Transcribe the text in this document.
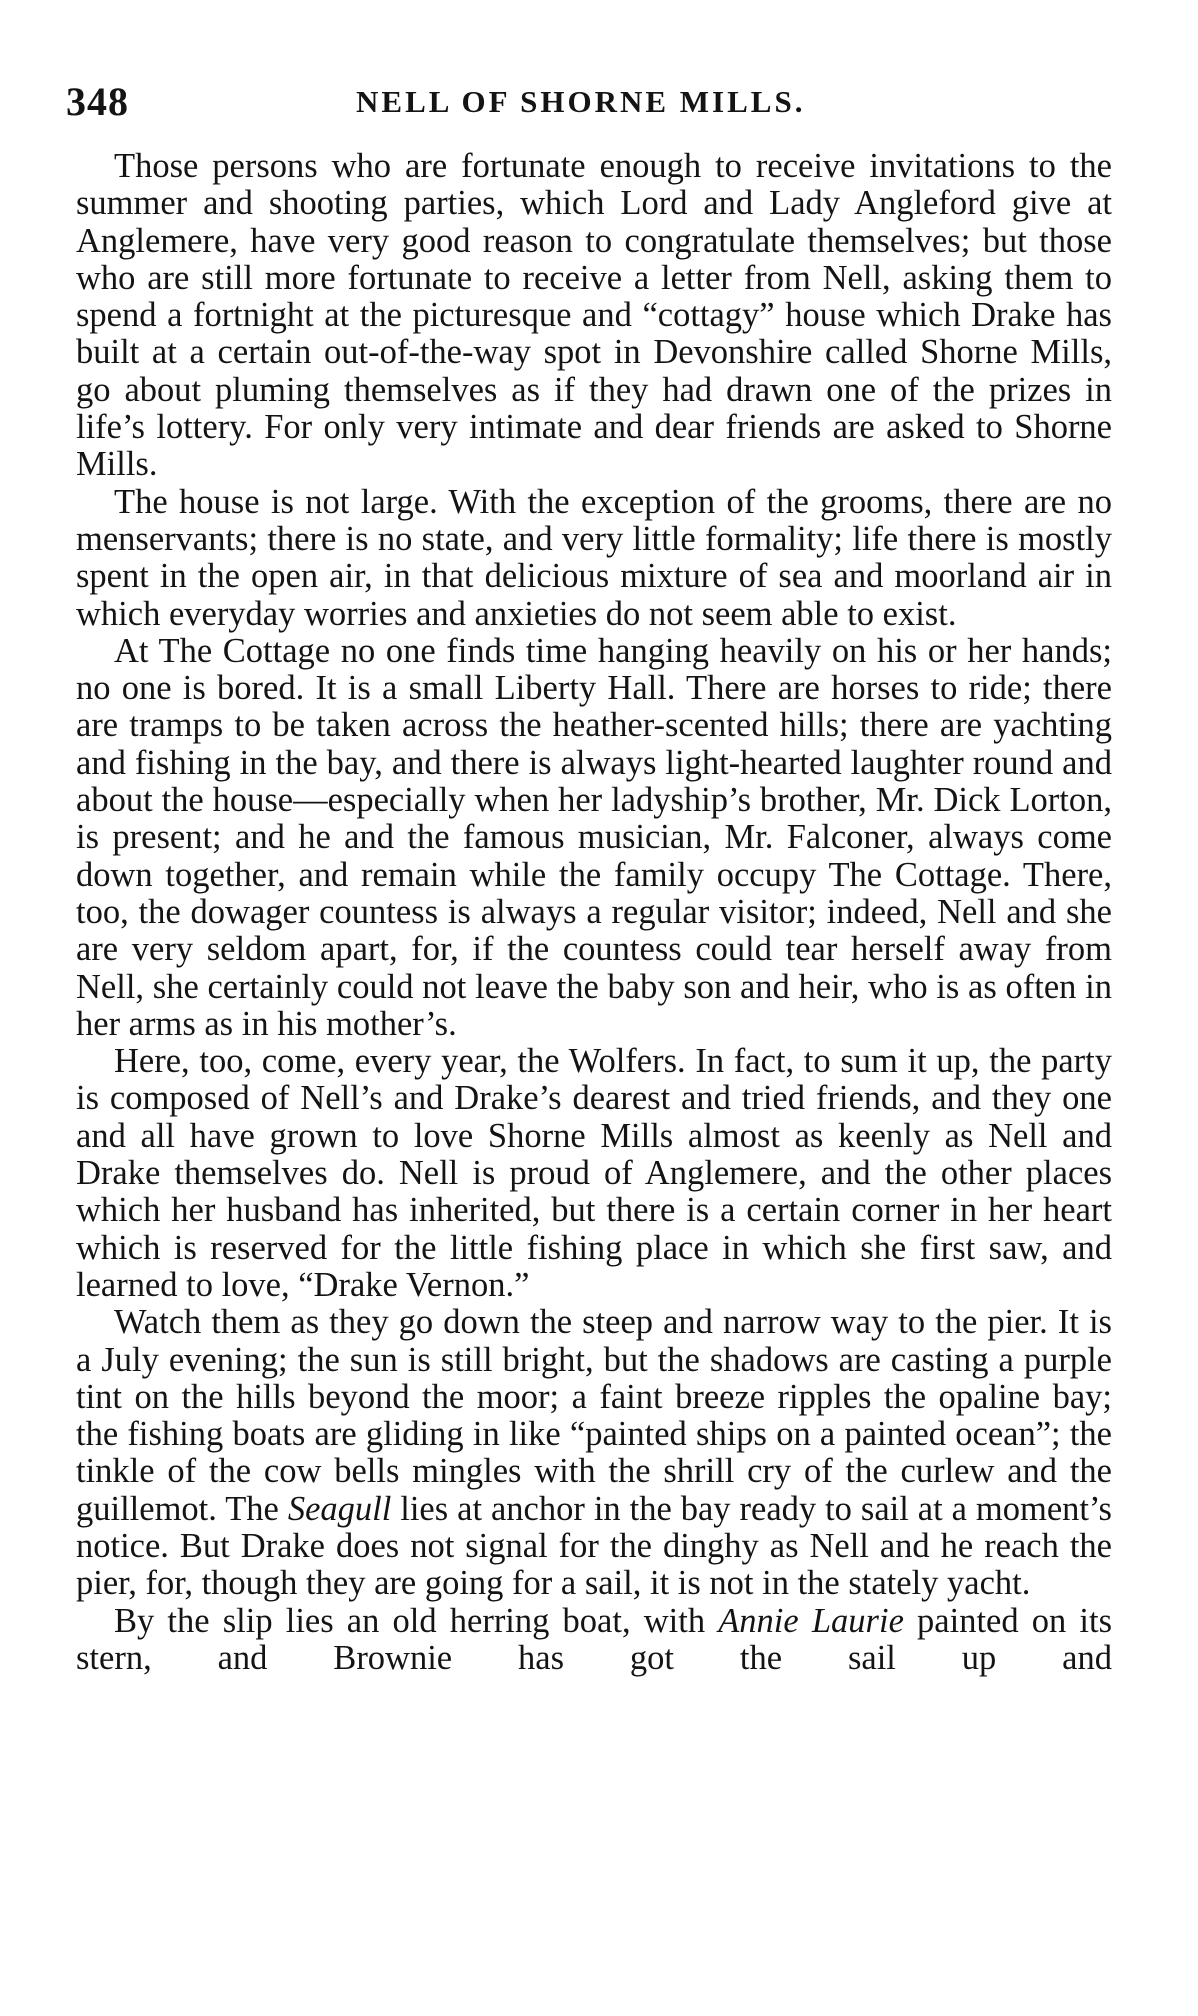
348	NELL OF SHORNE MILLS.

Those persons who are fortunate enough to receive invitations to the summer and shooting parties, which Lord and Lady Angleford give at Anglemere, have very good reason to congratulate themselves; but those who are still more fortunate to receive a letter from Nell, asking them to spend a fortnight at the picturesque and “cottagy” house which Drake has built at a certain out-of-the-way spot in Devonshire called Shorne Mills, go about pluming themselves as if they had drawn one of the prizes in life’s lottery. For only very intimate and dear friends are asked to Shorne Mills.

The house is not large. With the exception of the grooms, there are no menservants; there is no state, and very little formality; life there is mostly spent in the open air, in that delicious mixture of sea and moorland air in which everyday worries and anxieties do not seem able to exist.

At The Cottage no one finds time hanging heavily on his or her hands; no one is bored. It is a small Liberty Hall. There are horses to ride; there are tramps to be taken across the heather-scented hills; there are yachting and fishing in the bay, and there is always light-hearted laughter round and about the house—especially when her ladyship’s brother, Mr. Dick Lorton, is present; and he and the famous musician, Mr. Falconer, always come down together, and remain while the family occupy The Cottage. There, too, the dowager countess is always a regular visitor; indeed, Nell and she are very seldom apart, for, if the countess could tear herself away from Nell, she certainly could not leave the baby son and heir, who is as often in her arms as in his mother’s.

Here, too, come, every year, the Wolfers. In fact, to sum it up, the party is composed of Nell’s and Drake’s dearest and tried friends, and they one and all have grown to love Shorne Mills almost as keenly as Nell and Drake themselves do. Nell is proud of Anglemere, and the other places which her husband has inherited, but there is a certain corner in her heart which is reserved for the little fishing place in which she first saw, and learned to love, “Drake Vernon.”

Watch them as they go down the steep and narrow way to the pier. It is a July evening; the sun is still bright, but the shadows are casting a purple tint on the hills beyond the moor; a faint breeze ripples the opaline bay; the fishing boats are gliding in like “painted ships on a painted ocean”; the tinkle of the cow bells mingles with the shrill cry of the curlew and the guillemot. The Seagull lies at anchor in the bay ready to sail at a moment’s notice. But Drake does not signal for the dinghy as Nell and he reach the pier, for, though they are going for a sail, it is not in the stately yacht.

By the slip lies an old herring boat, with Annie Laurie painted on its stern, and Brownie has got the sail up and
